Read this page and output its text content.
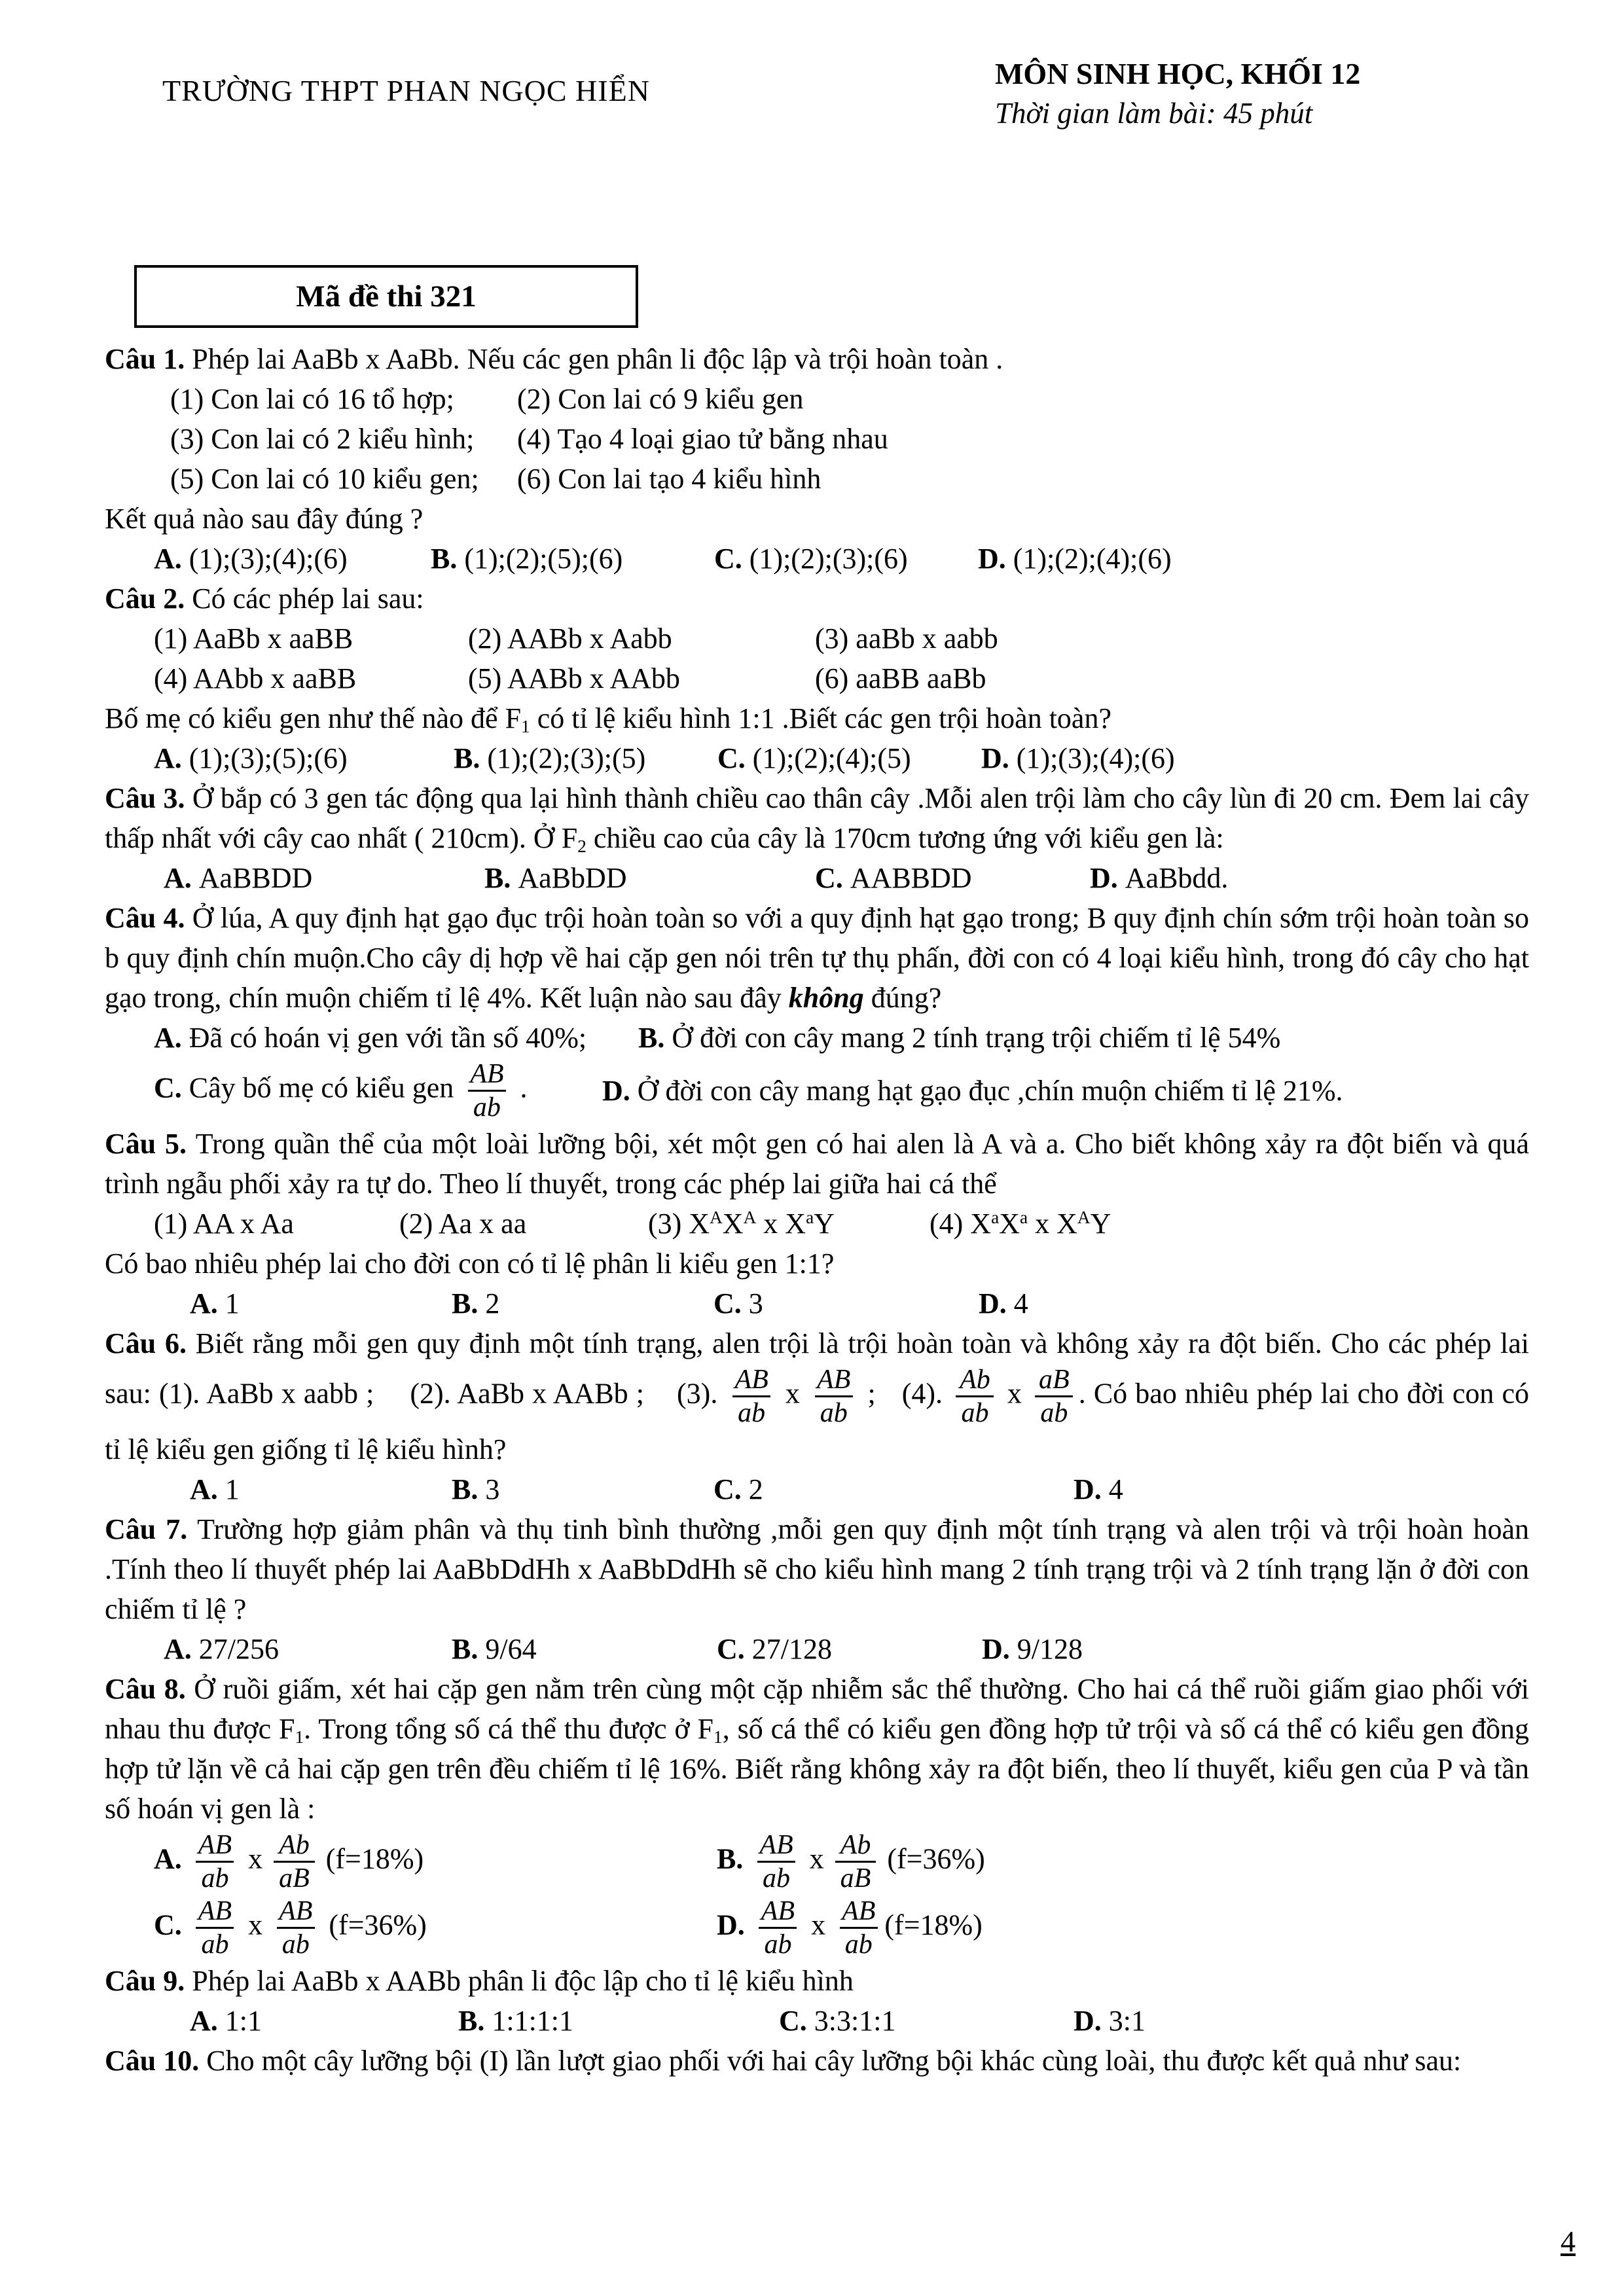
TRƯỜNG THPT PHAN NGỌC HIỂN
MÔN SINH HỌC, KHỐI 12
Thời gian làm bài: 45 phút
Mã đề thi 321
Câu 1. Phép lai AaBb x AaBb. Nếu các gen phân li độc lập và trội hoàn toàn .
(1) Con lai có 16 tổ hợp;	(2) Con lai có 9 kiểu gen
(3) Con lai có 2 kiểu hình;	(4) Tạo 4 loại giao tử bằng nhau
(5) Con lai có 10 kiểu gen;	(6) Con lai tạo 4 kiểu hình
Kết quả nào sau đây đúng ?
A. (1);(3);(4);(6)	B. (1);(2);(5);(6)	C. (1);(2);(3);(6)	D. (1);(2);(4);(6)
Câu 2. Có các phép lai sau:
(1) AaBb x aaBB	(2) AABb x Aabb	(3) aaBb x aabb
(4) AAbb x aaBB	(5) AABb x AAbb	(6) aaBB aaBb
Bố mẹ có kiểu gen như thế nào để $F_1$ có tỉ lệ kiểu hình 1:1 .Biết các gen trội hoàn toàn?
A. (1);(3);(5);(6)	B. (1);(2);(3);(5)	C. (1);(2);(4);(5)	D. (1);(3);(4);(6)
Câu 3. Ở bắp có 3 gen tác động qua lại hình thành chiều cao thân cây .Mỗi alen trội làm cho cây lùn đi 20 cm. Đem lai cây thấp nhất với cây cao nhất ( 210cm). Ở $F_2$ chiều cao của cây là 170cm tương ứng với kiểu gen là:
A. AaBBDD	B. AaBbDD	C. AABBDD	D. AaBbdd.
Câu 4. Ở lúa, A quy định hạt gạo đục trội hoàn toàn so với a quy định hạt gạo trong; B quy định chín sớm trội hoàn toàn so b quy định chín muộn.Cho cây dị hợp về hai cặp gen nói trên tự thụ phấn, đời con có 4 loại kiểu hình, trong đó cây cho hạt gạo trong, chín muộn chiếm tỉ lệ 4%. Kết luận nào sau đây không đúng?
A. Đã có hoán vị gen với tần số 40%;	B. Ở đời con cây mang 2 tính trạng trội chiếm tỉ lệ 54%
C. Cây bố mẹ có kiểu gen $\frac{AB}{ab}$ .	D. Ở đời con cây mang hạt gạo đục ,chín muộn chiếm tỉ lệ 21%.
Câu 5. Trong quần thể của một loài lưỡng bội, xét một gen có hai alen là A và a. Cho biết không xảy ra đột biến và quá trình ngẫu phối xảy ra tự do. Theo lí thuyết, trong các phép lai giữa hai cá thể
(1) AA x Aa	(2) Aa x aa	(3) $X^AX^A$ x $X^aY$	(4) $X^aX^a$ x $X^AY$
Có bao nhiêu phép lai cho đời con có tỉ lệ phân li kiểu gen 1:1?
A. 1	B. 2	C. 3	D. 4
Câu 6. Biết rằng mỗi gen quy định một tính trạng, alen trội là trội hoàn toàn và không xảy ra đột biến. Cho các phép lai sau: (1). AaBb x aabb ; (2). AaBb x AABb ; (3). $\frac{AB}{ab}$ x $\frac{AB}{ab}$ ; (4). $\frac{Ab}{ab}$ x $\frac{aB}{ab}$ . Có bao nhiêu phép lai cho đời con có tỉ lệ kiểu gen giống tỉ lệ kiểu hình?
A. 1	B. 3	C. 2	D. 4
Câu 7. Trường hợp giảm phân và thụ tinh bình thường ,mỗi gen quy định một tính trạng và alen trội và trội hoàn hoàn .Tính theo lí thuyết phép lai AaBbDdHh x AaBbDdHh sẽ cho kiểu hình mang 2 tính trạng trội và 2 tính trạng lặn ở đời con chiếm tỉ lệ ?
A. 27/256	B. 9/64	C. 27/128	D. 9/128
Câu 8. Ở ruồi giấm, xét hai cặp gen nằm trên cùng một cặp nhiễm sắc thể thường. Cho hai cá thể ruồi giấm giao phối với nhau thu được $F_1$. Trong tổng số cá thể thu được ở $F_1$, số cá thể có kiểu gen đồng hợp tử trội và số cá thể có kiểu gen đồng hợp tử lặn về cả hai cặp gen trên đều chiếm tỉ lệ 16%. Biết rằng không xảy ra đột biến, theo lí thuyết, kiểu gen của P và tần số hoán vị gen là :
A. $\frac{AB}{ab}$ x $\frac{Ab}{aB} (f=18\%)$	B. $\frac{AB}{ab}$ x $\frac{Ab}{aB} (f=36\%)$
C. $\frac{AB}{ab}$ x $\frac{AB}{ab} (f=36\%)$	D. $\frac{AB}{ab}$ x $\frac{AB}{ab} (f=18\%)$
Câu 9. Phép lai AaBb x AABb phân li độc lập cho tỉ lệ kiểu hình
A. 1:1	B. 1:1:1:1	C. 3:3:1:1	D. 3:1
Câu 10. Cho một cây lưỡng bội (I) lần lượt giao phối với hai cây lưỡng bội khác cùng loài, thu được kết quả như sau:
4
